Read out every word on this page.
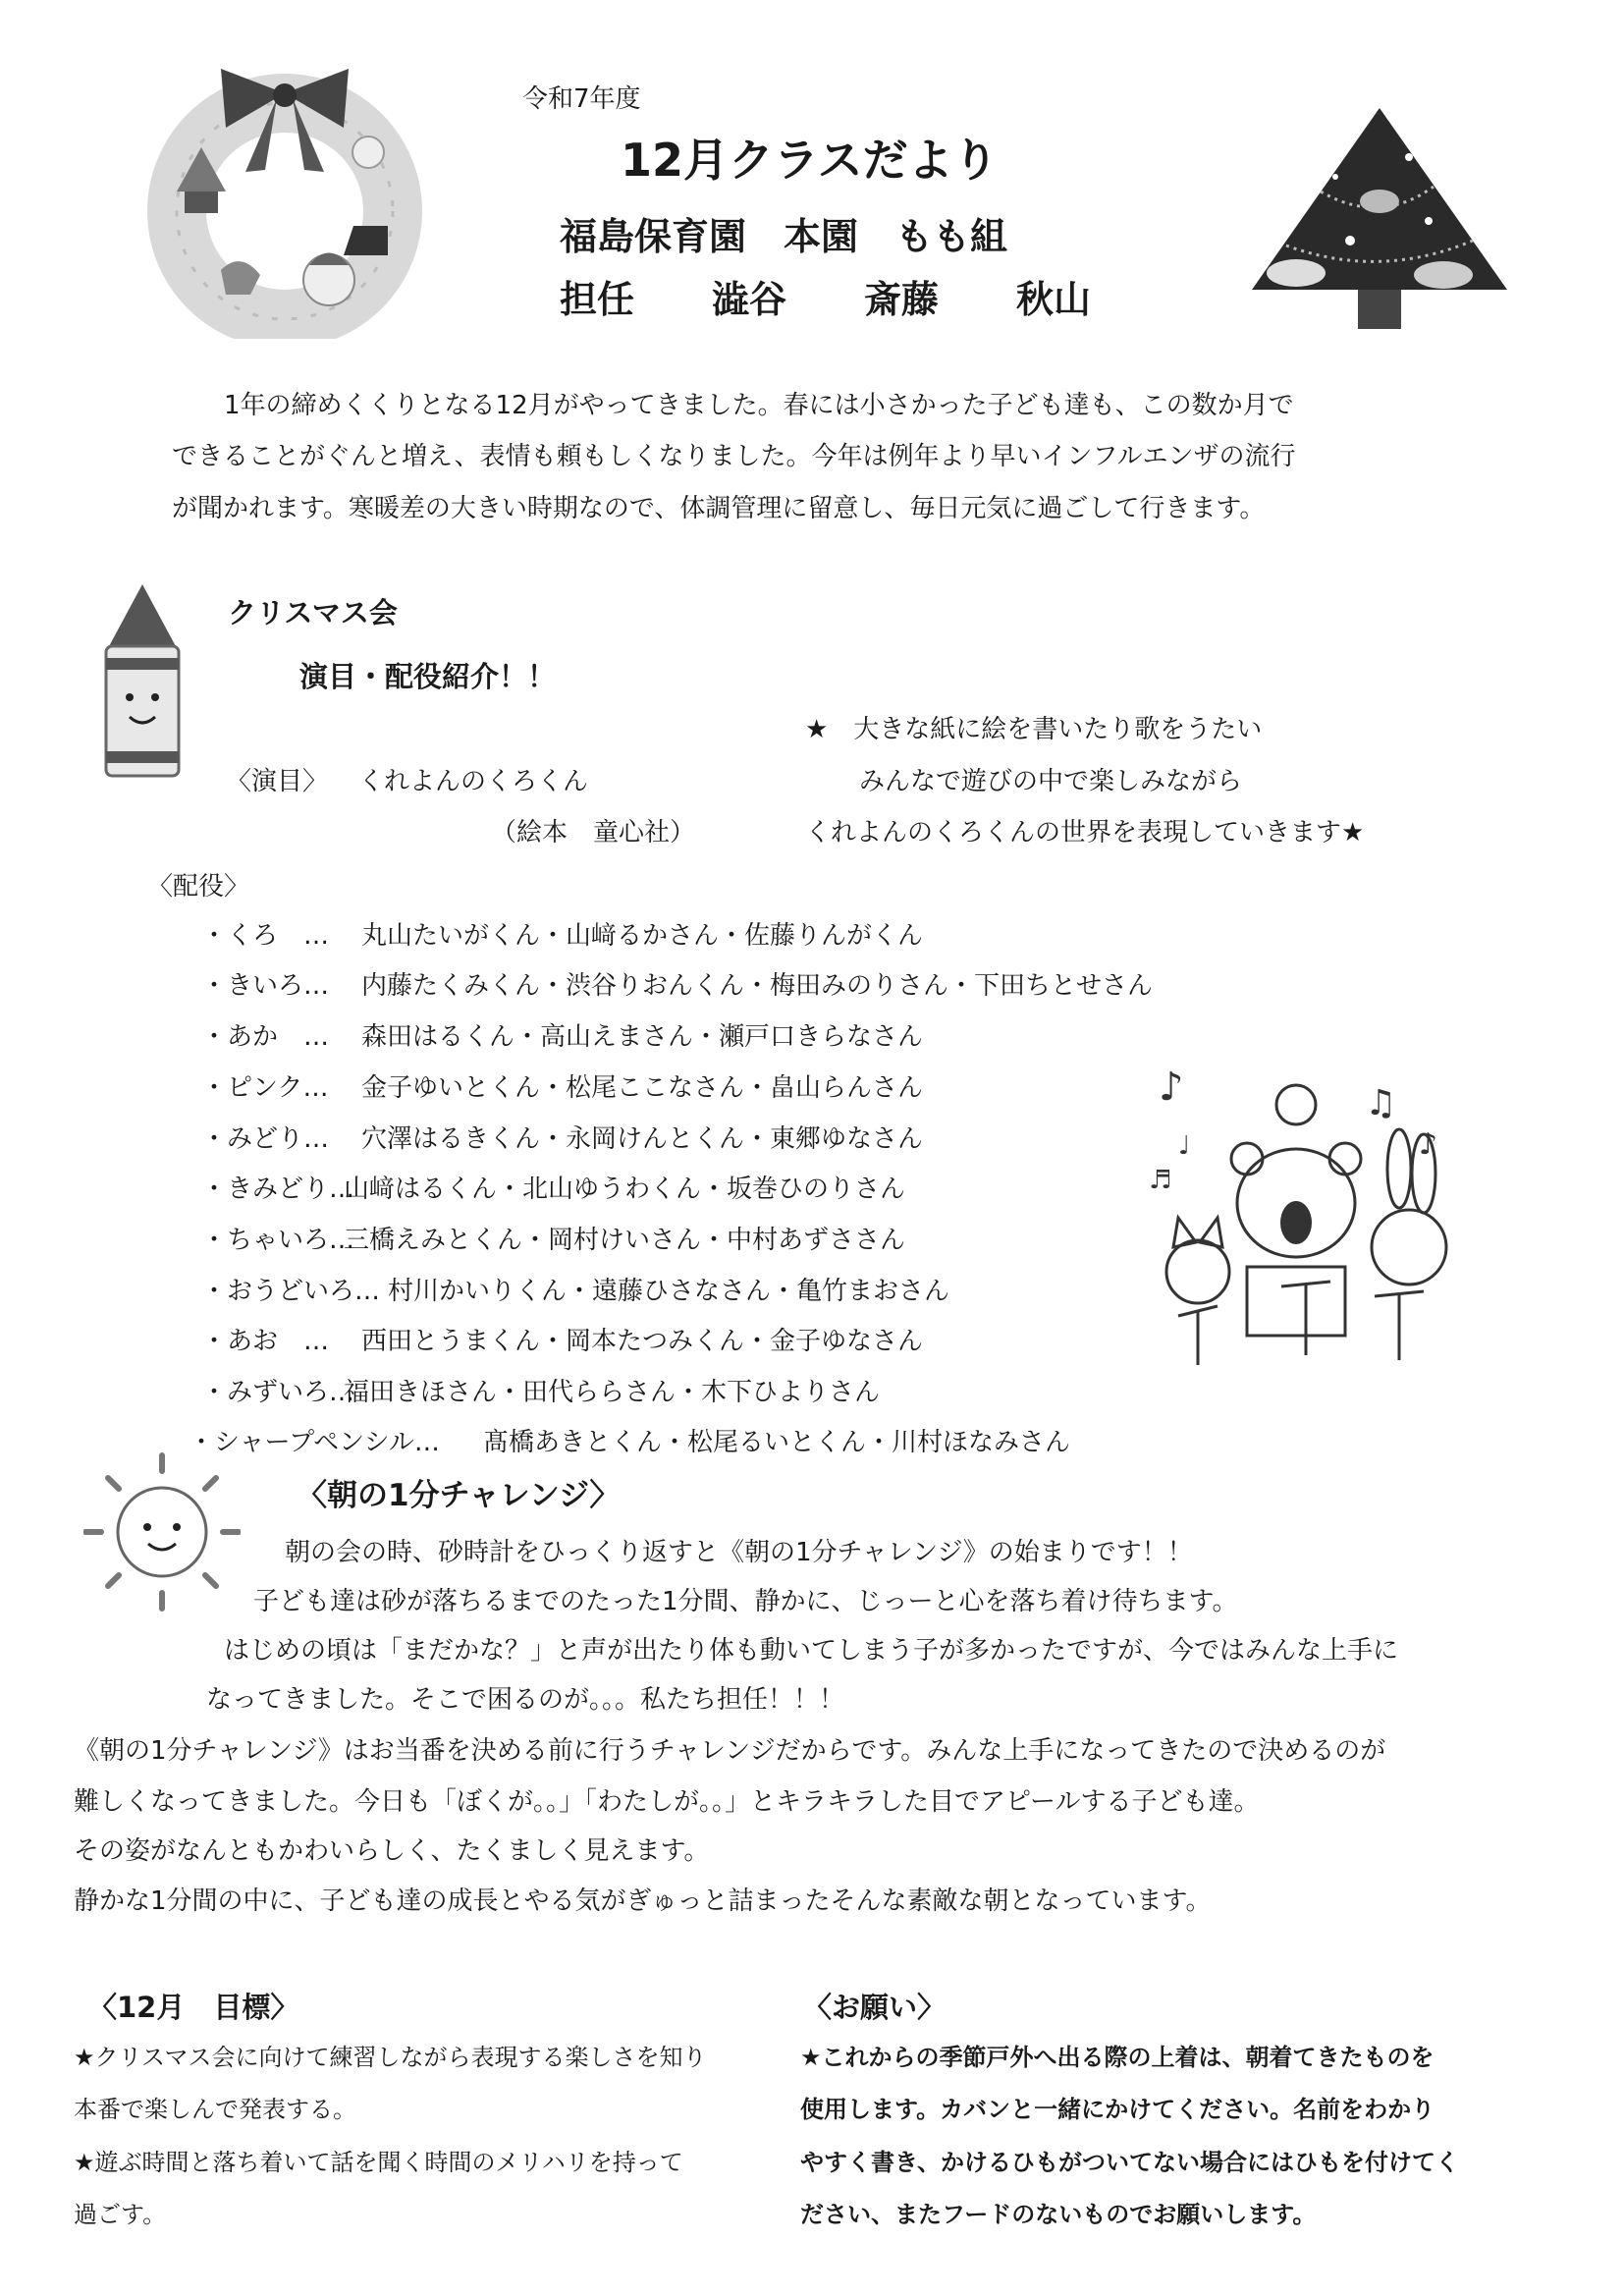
♪	♫
♪
♩
♬
令和7年度
12月クラスだより
福島保育園　本園　もも組
担任 澁谷 斎藤 秋山
1年の締めくくりとなる12月がやってきました。春には小さかった子ども達も、この数か月で
できることがぐんと増え、表情も頼もしくなりました。今年は例年より早いインフルエンザの流行
が聞かれます。寒暖差の大きい時期なので、体調管理に留意し、毎日元気に過ごして行きます。
クリスマス会
演目・配役紹介！！
〈演目〉 くれよんのくろくん
（絵本　童心社）
★　大きな紙に絵を書いたり歌をうたい
みんなで遊びの中で楽しみながら
くれよんのくろくんの世界を表現していきます★
〈配役〉
・くろ　… 丸山たいがくん・山﨑るかさん・佐藤りんがくん
・きいろ… 内藤たくみくん・渋谷りおんくん・梅田みのりさん・下田ちとせさん
・あか　… 森田はるくん・高山えまさん・瀬戸口きらなさん
・ピンク… 金子ゆいとくん・松尾ここなさん・畠山らんさん
・みどり… 穴澤はるきくん・永岡けんとくん・東郷ゆなさん
・きみどり…
山﨑はるくん・北山ゆうわくん・坂巻ひのりさん
・ちゃいろ…
三橋えみとくん・岡村けいさん・中村あずささん
・おうどいろ… 村川かいりくん・遠藤ひさなさん・亀竹まおさん
・あお　… 西田とうまくん・岡本たつみくん・金子ゆなさん
・みずいろ…
福田きほさん・田代ららさん・木下ひよりさん
・シャープペンシル… 髙橋あきとくん・松尾るいとくん・川村ほなみさん
〈朝の1分チャレンジ〉
朝の会の時、砂時計をひっくり返すと《朝の1分チャレンジ》の始まりです！！
子ども達は砂が落ちるまでのたった1分間、静かに、じっーと心を落ち着け待ちます。
はじめの頃は「まだかな？」と声が出たり体も動いてしまう子が多かったですが、今ではみんな上手に
なってきました。そこで困るのが。。。私たち担任！！！
《朝の1分チャレンジ》はお当番を決める前に行うチャレンジだからです。みんな上手になってきたので決めるのが
難しくなってきました。今日も「ぼくが。。」「わたしが。。」とキラキラした目でアピールする子ども達。
その姿がなんともかわいらしく、たくましく見えます。
静かな1分間の中に、子ども達の成長とやる気がぎゅっと詰まったそんな素敵な朝となっています。
〈12月　目標〉
★クリスマス会に向けて練習しながら表現する楽しさを知り
本番で楽しんで発表する。
★遊ぶ時間と落ち着いて話を聞く時間のメリハリを持って
過ごす。
〈お願い〉
★これからの季節戸外へ出る際の上着は、朝着てきたものを
使用します。カバンと一緒にかけてください。名前をわかり
やすく書き、かけるひもがついてない場合にはひもを付けてく
ださい、またフードのないものでお願いします。
